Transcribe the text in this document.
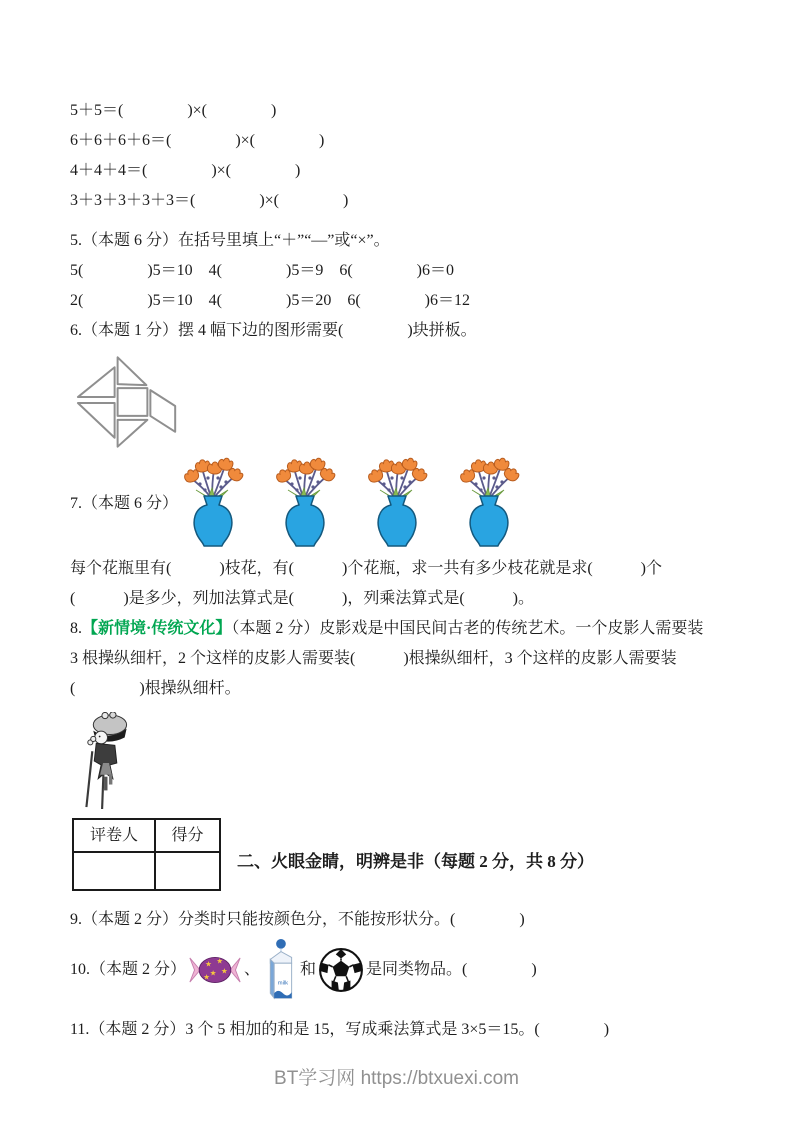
5＋5＝(　　　　)×(　　　　)
6＋6＋6＋6＝(　　　　)×(　　　　)
4＋4＋4＝(　　　　)×(　　　　)
3＋3＋3＋3＋3＝(　　　　)×(　　　　)
5.（本题 6 分）在括号里填上“＋”“—”或“×”。
5(　　　　)5＝10　4(　　　　)5＝9　6(　　　　)6＝0
2(　　　　)5＝10　4(　　　　)5＝20　6(　　　　)6＝12
6.（本题 1 分）摆 4 幅下边的图形需要(　　　　)块拼板。
7.（本题 6 分）
每个花瓶里有(　　　)枝花，有(　　　)个花瓶，求一共有多少枝花就是求(　　　)个
(　　　)是多少，列加法算式是(　　　)，列乘法算式是(　　　)。
8.【新情境·传统文化】（本题 2 分）皮影戏是中国民间古老的传统艺术。一个皮影人需要装
3 根操纵细杆，2 个这样的皮影人需要装(　　　)根操纵细杆，3 个这样的皮影人需要装
(　　　　)根操纵细杆。
评卷人	得分

二、火眼金睛，明辨是非（每题 2 分，共 8 分）
9.（本题 2 分）分类时只能按颜色分，不能按形状分。(　　　　)
10.（本题 2 分） ★ ★
★
★
★ 、
milk
和	是同类物品。(　　　　)
11.（本题 2 分）3 个 5 相加的和是 15，写成乘法算式是 3×5＝15。(　　　　)
BT学习网 https://btxuexi.com
